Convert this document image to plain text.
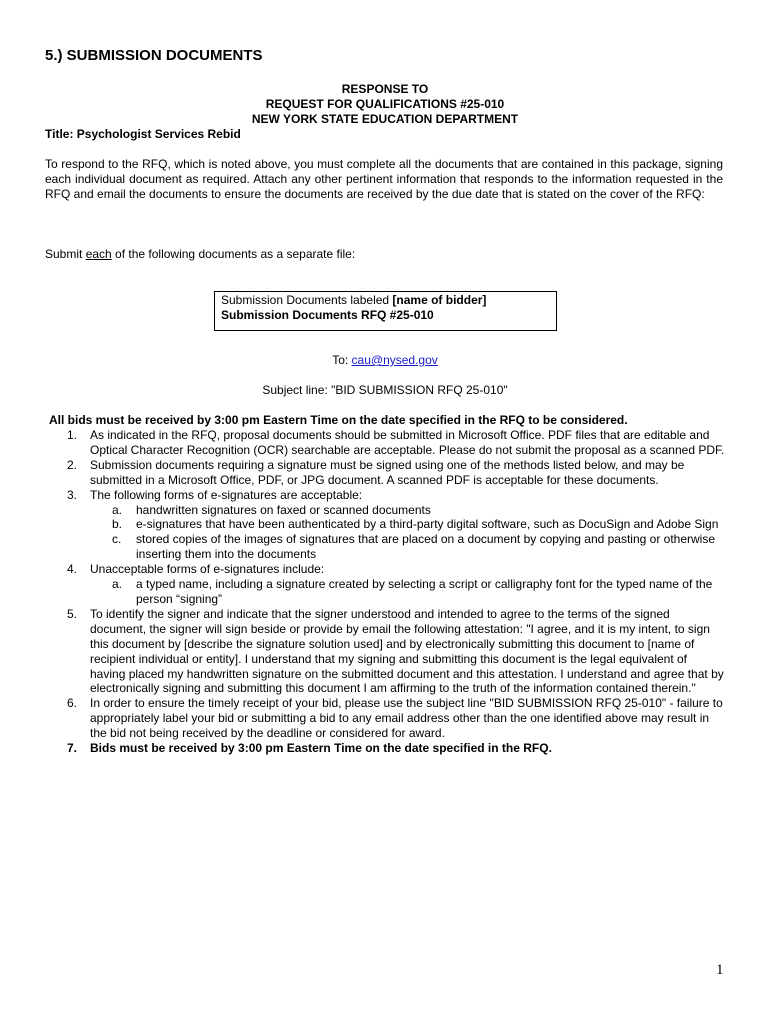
5.) SUBMISSION DOCUMENTS
RESPONSE TO
REQUEST FOR QUALIFICATIONS #25-010
NEW YORK STATE EDUCATION DEPARTMENT
Title: Psychologist Services Rebid
To respond to the RFQ, which is noted above, you must complete all the documents that are contained in this package, signing each individual document as required. Attach any other pertinent information that responds to the information requested in the RFQ and email the documents to ensure the documents are received by the due date that is stated on the cover of the RFQ:
Submit each of the following documents as a separate file:
Submission Documents labeled [name of bidder]
Submission Documents RFQ #25-010
To: cau@nysed.gov
Subject line: "BID SUBMISSION RFQ 25-010"
All bids must be received by 3:00 pm Eastern Time on the date specified in the RFQ to be considered.
1. As indicated in the RFQ, proposal documents should be submitted in Microsoft Office. PDF files that are editable and Optical Character Recognition (OCR) searchable are acceptable. Please do not submit the proposal as a scanned PDF.
2. Submission documents requiring a signature must be signed using one of the methods listed below, and may be submitted in a Microsoft Office, PDF, or JPG document. A scanned PDF is acceptable for these documents.
3. The following forms of e-signatures are acceptable:
a. handwritten signatures on faxed or scanned documents
b. e-signatures that have been authenticated by a third-party digital software, such as DocuSign and Adobe Sign
c. stored copies of the images of signatures that are placed on a document by copying and pasting or otherwise inserting them into the documents
4. Unacceptable forms of e-signatures include:
a. a typed name, including a signature created by selecting a script or calligraphy font for the typed name of the person “signing”
5. To identify the signer and indicate that the signer understood and intended to agree to the terms of the signed document, the signer will sign beside or provide by email the following attestation: "I agree, and it is my intent, to sign this document by [describe the signature solution used] and by electronically submitting this document to [name of recipient individual or entity]. I understand that my signing and submitting this document is the legal equivalent of having placed my handwritten signature on the submitted document and this attestation. I understand and agree that by electronically signing and submitting this document I am affirming to the truth of the information contained therein."
6. In order to ensure the timely receipt of your bid, please use the subject line "BID SUBMISSION RFQ 25-010" - failure to appropriately label your bid or submitting a bid to any email address other than the one identified above may result in the bid not being received by the deadline or considered for award.
7. Bids must be received by 3:00 pm Eastern Time on the date specified in the RFQ.
1
